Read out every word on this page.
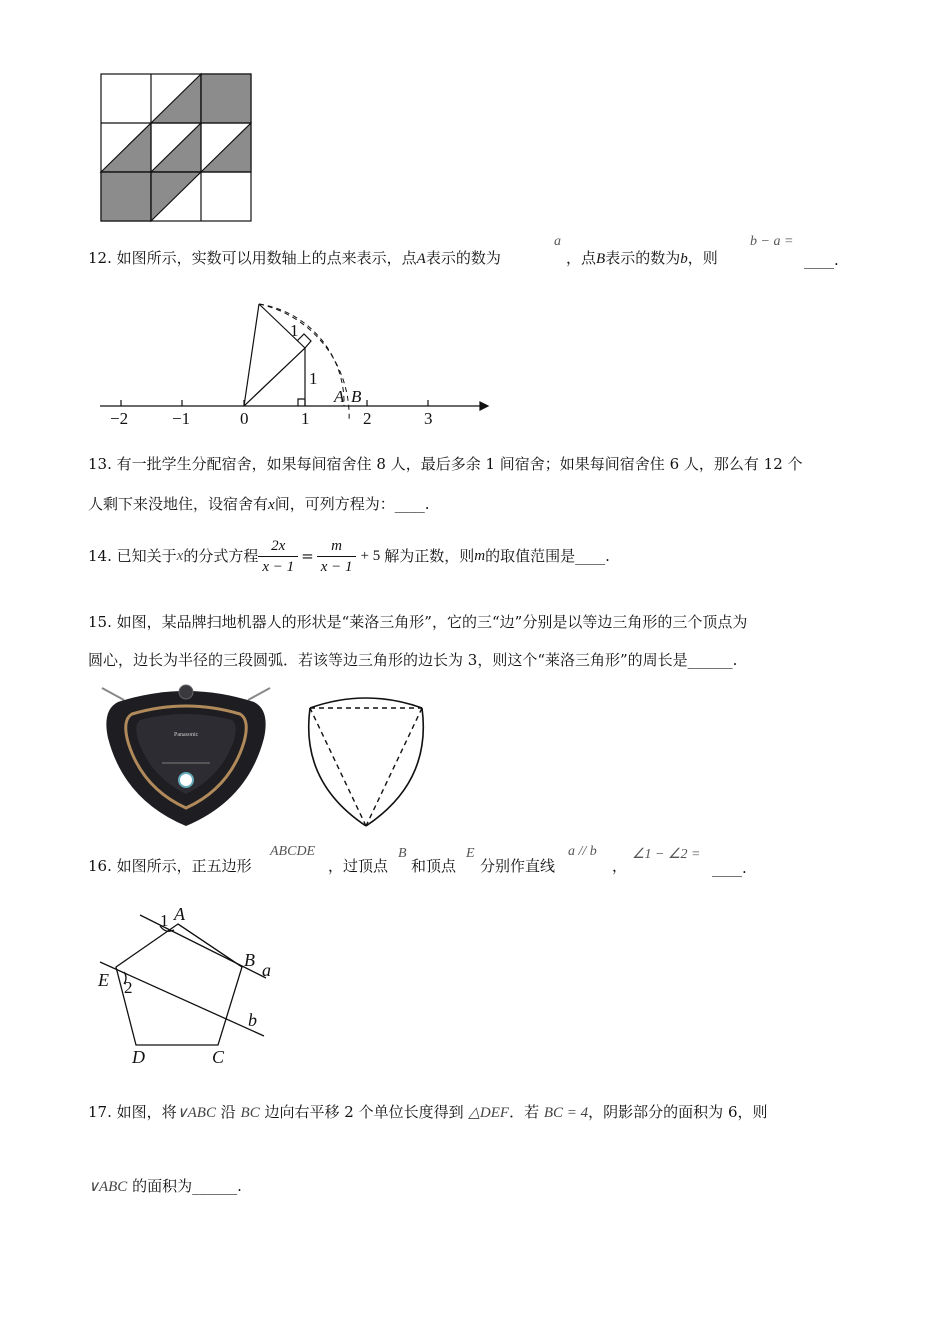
12. 如图所示，实数可以用数轴上的点来表示，点A表示的数为
a
，点B表示的数为b，则
b − a =
____.
−2	−1	0	1	2	3
A B
1
1
13. 有一批学生分配宿舍，如果每间宿舍住 8 人，最后多余 1 间宿舍；如果每间宿舍住 6 人，那么有 12 个
人剩下来没地住，设宿舍有x间，可列方程为：____.
14.
已知关于 x 的分式方程 $\frac{2x}{x - 1} = \frac{m}{x - 1} + 5$ 解为正数，则 m 的取值范围是 ____.
15. 如图，某品牌扫地机器人的形状是“莱洛三角形”，它的三“边”分别是以等边三角形的三个顶点为
圆心，边长为半径的三段圆弧．若该等边三角形的边长为 3，则这个“莱洛三角形”的周长是______.
Panasonic
16. 如图所示，正五边形
ABCDE
，过顶点
B
和顶点
E
分别作直线
a // b
，
∠1 − ∠2 =
____.
A
B
C
D
E	a
b
1
2
17. 如图，将∨ABC 沿 BC 边向右平移 2 个单位长度得到 △DEF．若 BC = 4，阴影部分的面积为 6，则
∨ABC 的面积为______.
